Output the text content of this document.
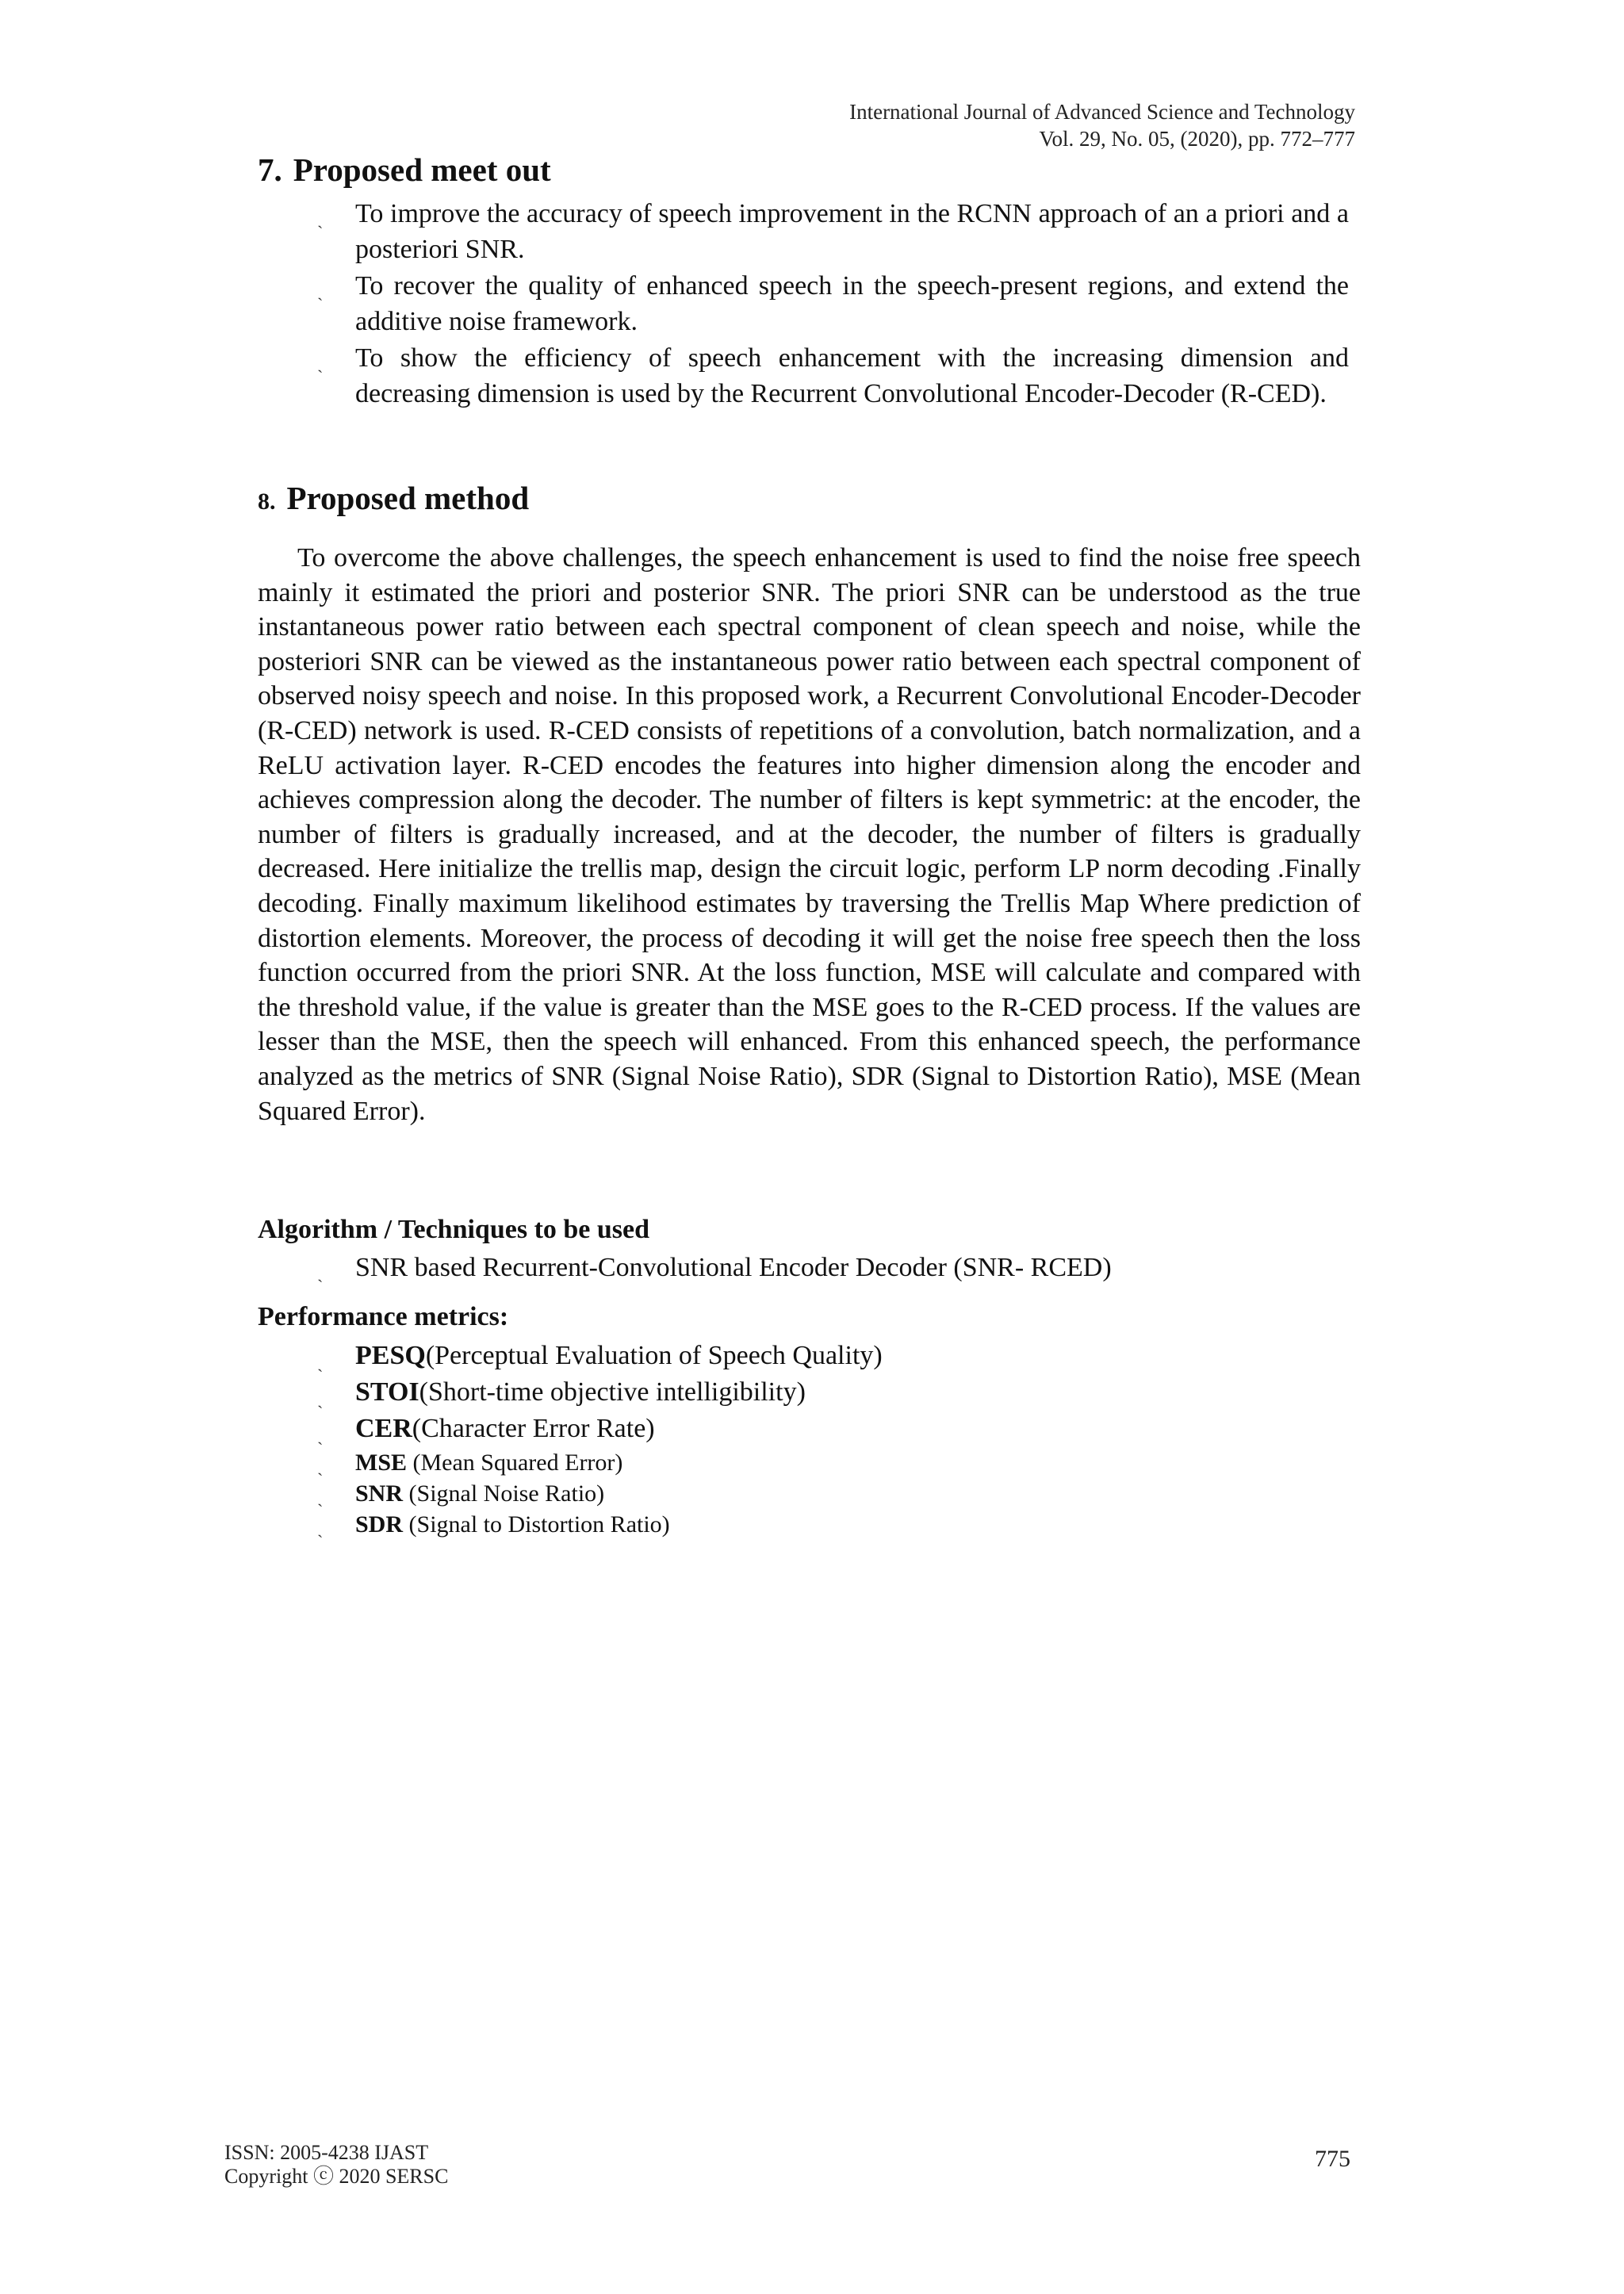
International Journal of Advanced Science and Technology
Vol. 29, No. 05, (2020), pp. 772–777
7. Proposed meet out
ˏ To improve the accuracy of speech improvement in the RCNN approach of an a priori and a posteriori SNR.
ˏ To recover the quality of enhanced speech in the speech-present regions, and extend the additive noise framework.
ˏ To show the efficiency of speech enhancement with the increasing dimension and decreasing dimension is used by the Recurrent Convolutional Encoder-Decoder (R-CED).
8. Proposed method

To overcome the above challenges, the speech enhancement is used to find the noise free speech mainly it estimated the priori and posterior SNR. The priori SNR can be understood as the true instantaneous power ratio between each spectral component of clean speech and noise, while the posteriori SNR can be viewed as the instantaneous power ratio between each spectral component of observed noisy speech and noise. In this proposed work, a Recurrent Convolutional Encoder-Decoder (R-CED) network is used. R-CED consists of repetitions of a convolution, batch normalization, and a ReLU activation layer. R-CED encodes the features into higher dimension along the encoder and achieves compression along the decoder. The number of filters is kept symmetric: at the encoder, the number of filters is gradually increased, and at the decoder, the number of filters is gradually decreased. Here initialize the trellis map, design the circuit logic, perform LP norm decoding .Finally decoding. Finally maximum likelihood estimates by traversing the Trellis Map Where prediction of distortion elements. Moreover, the process of decoding it will get the noise free speech then the loss function occurred from the priori SNR. At the loss function, MSE will calculate and compared with the threshold value, if the value is greater than the MSE goes to the R-CED process. If the values are lesser than the MSE, then the speech will enhanced. From this enhanced speech, the performance analyzed as the metrics of SNR (Signal Noise Ratio), SDR (Signal to Distortion Ratio), MSE (Mean Squared Error).

Algorithm / Techniques to be used

ˏ SNR based Recurrent-Convolutional Encoder Decoder (SNR- RCED)

Performance metrics:

ˏ PESQ(Perceptual Evaluation of Speech Quality)
ˏ STOI(Short-time objective intelligibility)
ˏ CER(Character Error Rate)
ˏ MSE (Mean Squared Error)
ˏ SNR (Signal Noise Ratio)
ˏ SDR (Signal to Distortion Ratio)
ISSN: 2005-4238 IJAST
Copyright ⓒ 2020 SERSC
775
